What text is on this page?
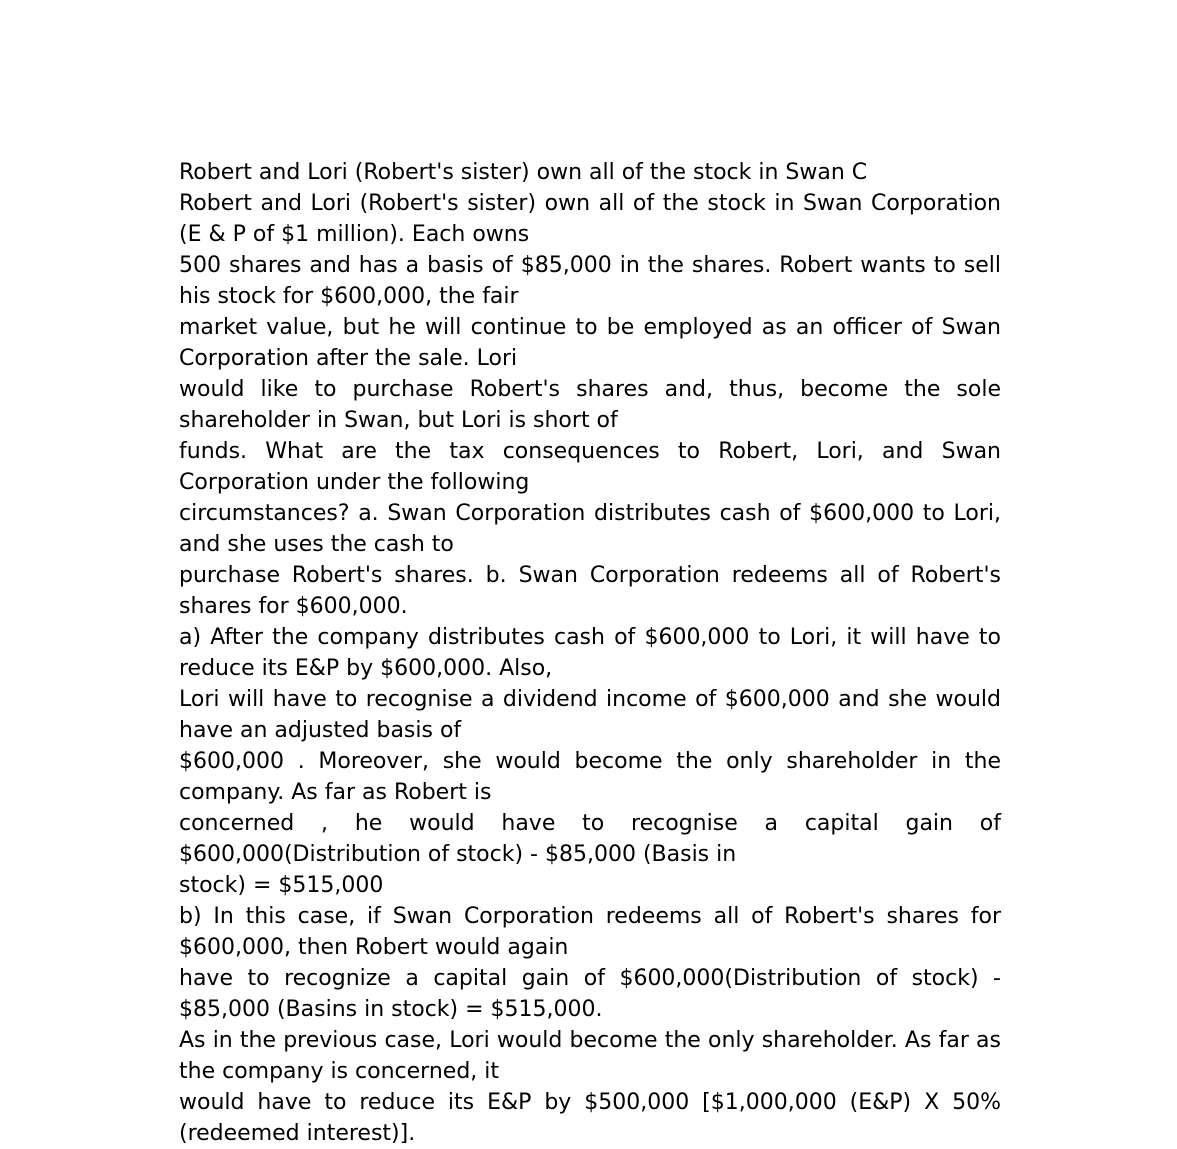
Robert and Lori (Robert's sister) own all of the stock in Swan C

Robert and Lori (Robert's sister) own all of the stock in Swan Corporation (E & P of $1 million). Each owns

500 shares and has a basis of $85,000 in the shares. Robert wants to sell his stock for $600,000, the fair

market value, but he will continue to be employed as an officer of Swan Corporation after the sale. Lori

would like to purchase Robert's shares and, thus, become the sole shareholder in Swan, but Lori is short of

funds. What are the tax consequences to Robert, Lori, and Swan Corporation under the following

circumstances? a. Swan Corporation distributes cash of $600,000 to Lori, and she uses the cash to

purchase Robert's shares. b. Swan Corporation redeems all of Robert's shares for $600,000.

a) After the company distributes cash of $600,000 to Lori, it will have to reduce its E&P by $600,000. Also,

Lori will have to recognise a dividend income of $600,000 and she would have an adjusted basis of

$600,000 . Moreover, she would become the only shareholder in the company. As far as Robert is

concerned , he would have to recognise a capital gain of $600,000(Distribution of stock) - $85,000 (Basis in

stock) = $515,000

b) In this case, if Swan Corporation redeems all of Robert's shares for $600,000, then Robert would again

have to recognize a capital gain of $600,000(Distribution of stock) - $85,000 (Basins in stock) = $515,000.

As in the previous case, Lori would become the only shareholder. As far as the company is concerned, it

would have to reduce its E&P by $500,000 [$1,000,000 (E&P) X 50% (redeemed interest)].
